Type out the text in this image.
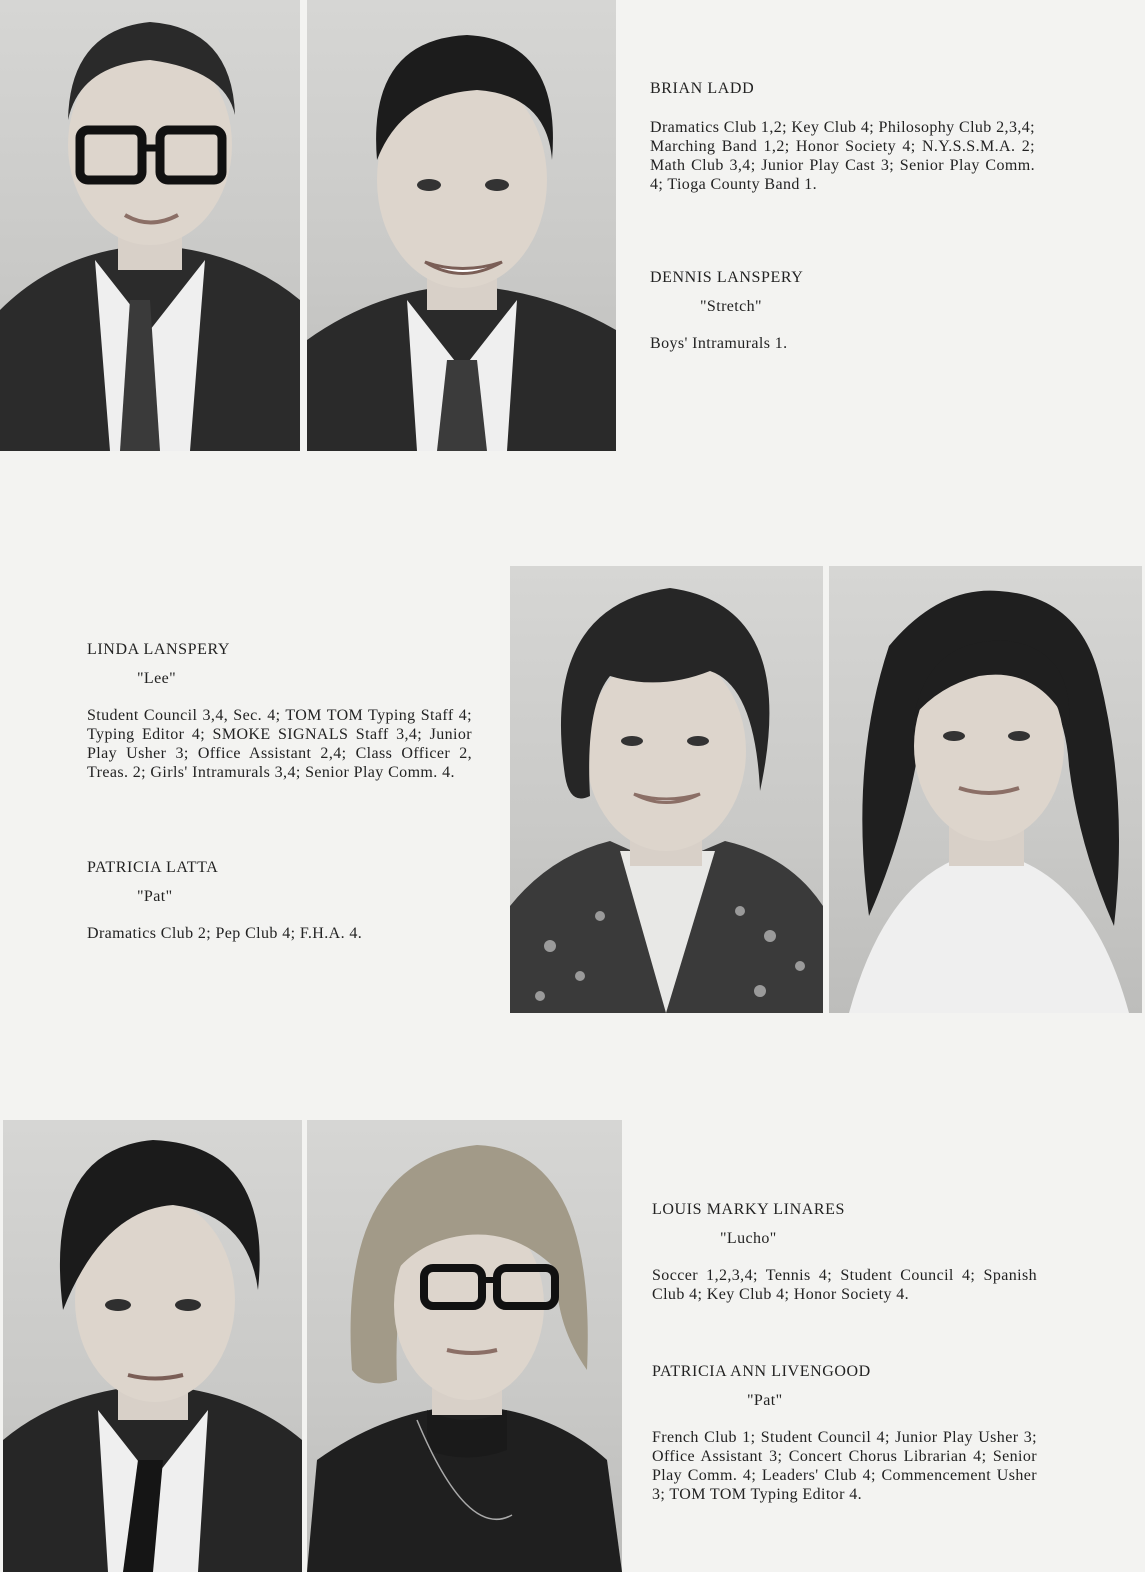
BRIAN LADD
Dramatics Club 1,2; Key Club 4; Philosophy Club 2,3,4; Marching Band 1,2; Honor Society 4; N.Y.S.S.M.A. 2; Math Club 3,4; Junior Play Cast 3; Senior Play Comm. 4; Tioga County Band 1.
DENNIS LANSPERY
"Stretch"
Boys' Intramurals 1.
LINDA LANSPERY
"Lee"
Student Council 3,4, Sec. 4; TOM TOM Typing Staff 4; Typing Editor 4; SMOKE SIGNALS Staff 3,4; Junior Play Usher 3; Office Assistant 2,4; Class Officer 2, Treas. 2; Girls' Intramurals 3,4; Senior Play Comm. 4.
PATRICIA LATTA
"Pat"
Dramatics Club 2; Pep Club 4; F.H.A. 4.
LOUIS MARKY LINARES
"Lucho"
Soccer 1,2,3,4; Tennis 4; Student Council 4; Spanish Club 4; Key Club 4; Honor Society 4.
PATRICIA ANN LIVENGOOD
"Pat"
French Club 1; Student Council 4; Junior Play Usher 3; Office Assistant 3; Concert Chorus Librarian 4; Senior Play Comm. 4; Leaders' Club 4; Commencement Usher 3; TOM TOM Typing Editor 4.
